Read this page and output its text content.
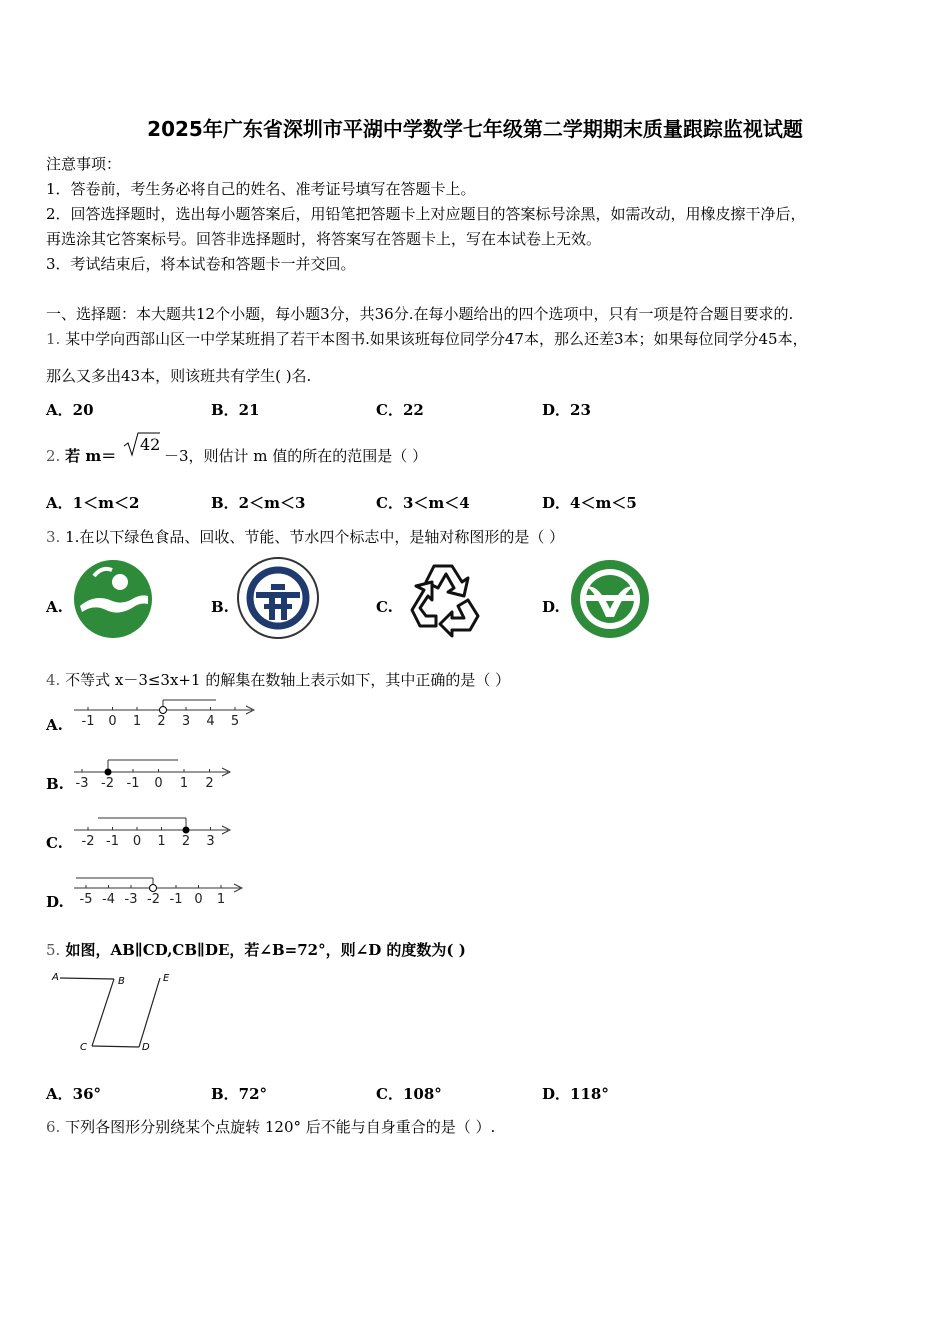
2025年广东省深圳市平湖中学数学七年级第二学期期末质量跟踪监视试题
注意事项：
1．答卷前，考生务必将自己的姓名、准考证号填写在答题卡上。
2．回答选择题时，选出每小题答案后，用铅笔把答题卡上对应题目的答案标号涂黑，如需改动，用橡皮擦干净后，
再选涂其它答案标号。回答非选择题时，将答案写在答题卡上，写在本试卷上无效。
3．考试结束后，将本试卷和答题卡一并交回。
一、选择题：本大题共12个小题，每小题3分，共36分.在每小题给出的四个选项中，只有一项是符合题目要求的.
1. 某中学向西部山区一中学某班捐了若干本图书.如果该班每位同学分47本，那么还差3本；如果每位同学分45本，
那么又多出43本，则该班共有学生( )名.
A．20	B．21	C．22	D．23
2. 若 m＝
42
－3，则估计 m 值的所在的范围是（ ）
A．1＜m＜2	B．2＜m＜3	C．3＜m＜4	D．4＜m＜5
3. 1.在以下绿色食品、回收、节能、节水四个标志中，是轴对称图形的是（ ）
A.	B.	C.	D.
4. 不等式 x－3≤3x+1 的解集在数轴上表示如下，其中正确的是（ ）
A. -1 0 1 2 3 4 5
B. -3 -2 -1 0 1 2
C. -2 -1 0 1 2 3
D. -5 -4 -3 -2 -1 0 1
5. 如图，AB∥CD,CB∥DE，若∠B=72°，则∠D 的度数为( )
A	B
C	D
E
A．36°	B．72°	C．108°	D．118°
6. 下列各图形分别绕某个点旋转 120° 后不能与自身重合的是（ ）.
